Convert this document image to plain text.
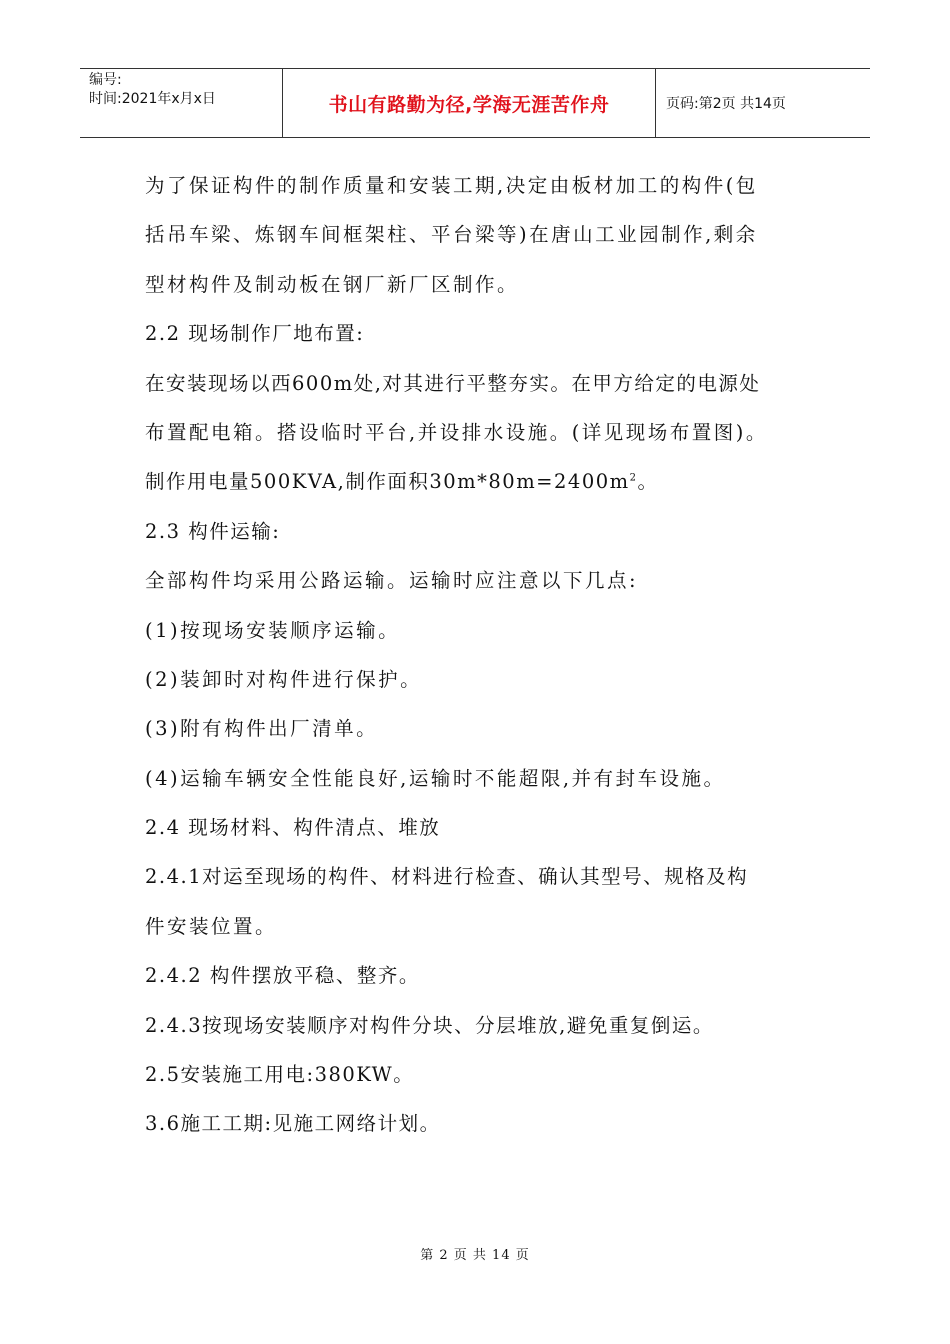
编号:
时间:2021年x月x日	书山有路勤为径,学海无涯苦作舟	页码:第2页 共14页
为了保证构件的制作质量和安装工期,决定由板材加工的构件(包
括吊车梁、炼钢车间框架柱、平台梁等)在唐山工业园制作,剩余
型材构件及制动板在钢厂新厂区制作。
2.2 现场制作厂地布置:
在安装现场以西600m处,对其进行平整夯实。在甲方给定的电源处
布置配电箱。搭设临时平台,并设排水设施。(详见现场布置图)。
制作用电量500KVA,制作面积$30m*80m=2400m^2$。
2.3 构件运输:
全部构件均采用公路运输。运输时应注意以下几点:
(1)按现场安装顺序运输。
(2)装卸时对构件进行保护。
(3)附有构件出厂清单。
(4)运输车辆安全性能良好,运输时不能超限,并有封车设施。
2.4 现场材料、构件清点、堆放
2.4.1对运至现场的构件、材料进行检查、确认其型号、规格及构
件安装位置。
2.4.2 构件摆放平稳、整齐。
2.4.3按现场安装顺序对构件分块、分层堆放,避免重复倒运。
2.5安装施工用电:380KW。
3.6施工工期:见施工网络计划。
第 2 页 共 14 页
